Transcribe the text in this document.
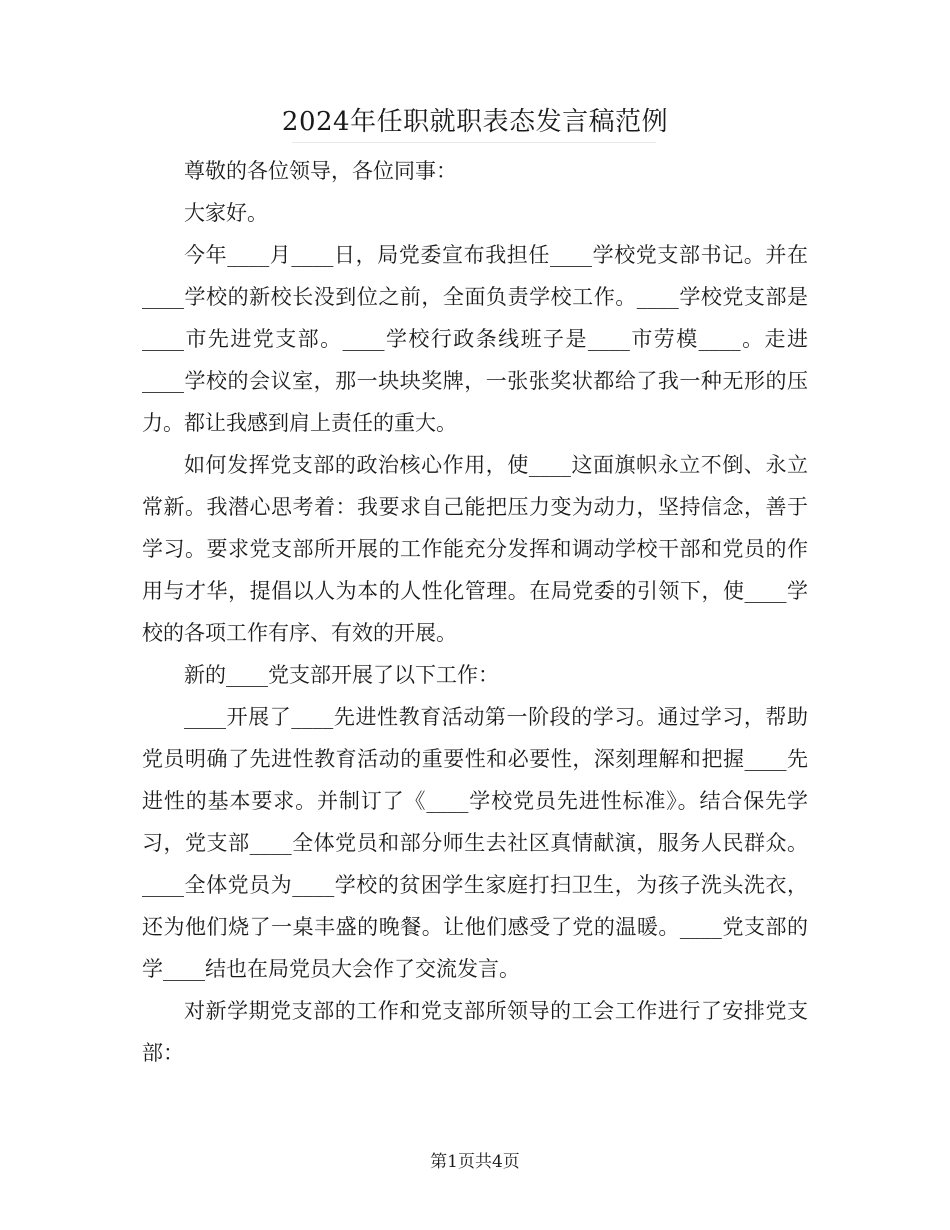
2024年任职就职表态发言稿范例

尊敬的各位领导，各位同事：

大家好。

今年____月____日，局党委宣布我担任____学校党支部书记。并在____学校的新校长没到位之前，全面负责学校工作。____学校党支部是____市先进党支部。____学校行政条线班子是____市劳模____。走进____学校的会议室，那一块块奖牌，一张张奖状都给了我一种无形的压力。都让我感到肩上责任的重大。

如何发挥党支部的政治核心作用，使____这面旗帜永立不倒、永立常新。我潜心思考着：我要求自己能把压力变为动力，坚持信念，善于学习。要求党支部所开展的工作能充分发挥和调动学校干部和党员的作用与才华，提倡以人为本的人性化管理。在局党委的引领下，使____学校的各项工作有序、有效的开展。

新的____党支部开展了以下工作：

____开展了____先进性教育活动第一阶段的学习。通过学习，帮助党员明确了先进性教育活动的重要性和必要性，深刻理解和把握____先进性的基本要求。并制订了《____学校党员先进性标准》。结合保先学习，党支部____全体党员和部分师生去社区真情献演，服务人民群众。____全体党员为____学校的贫困学生家庭打扫卫生，为孩子洗头洗衣，还为他们烧了一桌丰盛的晚餐。让他们感受了党的温暖。____党支部的学____结也在局党员大会作了交流发言。

对新学期党支部的工作和党支部所领导的工会工作进行了安排党支部：

第1页共4页
